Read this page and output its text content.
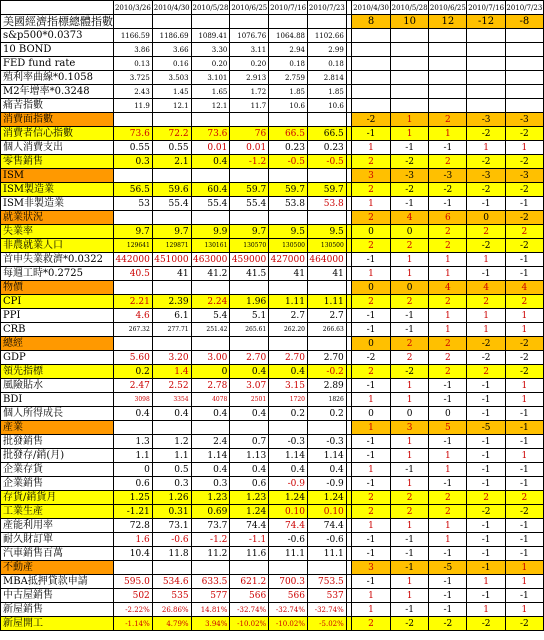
	2010/3/26	2010/4/30	2010/5/28	2010/6/25	2010/7/16	2010/7/23		2010/4/30	2010/5/28	2010/6/25	2010/7/16	2010/7/23
美國經濟指標總體指數								8	10	12	-12	-8
s&p500*0.0373	1166.59	1186.69	1089.41	1076.76	1064.88	1102.66						
10 BOND	3.86	3.66	3.30	3.11	2.94	2.99						
FED fund rate	0.13	0.16	0.20	0.20	0.18	0.18						
殖利率曲線*0.1058	3.725	3.503	3.101	2.913	2.759	2.814						
M2年增率*0.3248	2.43	1.45	1.65	1.72	1.85	1.85						
痛苦指數	11.9	12.1	12.1	11.7	10.6	10.6						
消費面指數								-2	1	2	-3	-3
消費者信心指數	73.6	72.2	73.6	76	66.5	66.5		-1	1	1	-2	-2
個人消費支出	0.55	0.55	0.01	0.01	0.23	0.23		1	-1	-1	1	1
零售銷售	0.3	2.1	0.4	-1.2	-0.5	-0.5		2	-2	2	-2	-2
ISM								3	-3	-3	-3	-3
ISM製造業	56.5	59.6	60.4	59.7	59.7	59.7		2	-2	-2	-2	-2
ISM非製造業	53	55.4	55.4	55.4	53.8	53.8		1	-1	-1	-1	-1
就業狀況								2	4	6	0	-2
失業率	9.7	9.7	9.9	9.7	9.5	9.5		0	0	2	2	2
非農就業人口	129641	129871	130161	130570	130500	130500		2	2	2	-2	-2
首申失業救濟*0.0322	442000	451000	463000	459000	427000	464000		-1	1	1	1	-1
每週工時*0.2725	40.5	41	41.2	41.5	41	41		1	1	1	-1	-1
物價								0	0	4	4	4
CPI	2.21	2.39	2.24	1.96	1.11	1.11		2	2	2	2	2
PPI	4.6	6.1	5.4	5.1	2.7	2.7		-1	-1	1	1	1
CRB	267.32	277.71	251.42	265.61	262.20	266.63		-1	-1	1	1	1
總經								0	2	2	-2	-2
GDP	5.60	3.20	3.00	2.70	2.70	2.70		-2	2	2	-2	-2
領先指標	0.2	1.4	0	0.4	0.4	-0.2		2	-2	2	2	-2
風險貼水	2.47	2.52	2.78	3.07	3.15	2.89		-1	1	-1	-1	1
BDI	3098	3354	4078	2501	1720	1826		1	1	-1	-1	1
個人所得成長	0.4	0.4	0.4	0.4	0.2	0.2		0	0	0	-1	-1
產業								1	3	5	-5	-1
批發銷售	1.3	1.2	2.4	0.7	-0.3	-0.3		-1	1	-1	-1	-1
批發存/銷(月)	1.1	1.1	1.14	1.13	1.14	1.14		-1	1	1	-1	1
企業存貨	0	0.5	0.4	0.4	0.4	0.4		1	-1	1	-1	-1
企業銷售	0.6	0.3	0.3	0.6	-0.9	-0.9		-1	1	-1	-1	-1
存貨/銷貨月	1.25	1.26	1.23	1.23	1.24	1.24		2	2	2	2	2
工業生產	-1.21	0.31	0.69	1.24	0.10	0.10		2	2	2	-2	-2
產能利用率	72.8	73.1	73.7	74.4	74.4	74.4		1	1	1	-1	-1
耐久財訂單	1.6	-0.6	-1.2	-1.1	-0.6	-0.6		-1	-1	1	-1	-1
汽車銷售百萬	10.4	11.8	11.2	11.6	11.1	11.1		-1	-1	-1	-1	-1
不動產								3	-1	-5	-1	1
MBA抵押貸款申請	595.0	534.6	633.5	621.2	700.3	753.5		-1	1	-1	1	1
中古屋銷售	502	535	577	566	566	537		1	1	-1	-1	-1
新屋銷售	-2.22%	26.86%	14.81%	-32.74%	-32.74%	-32.74%		1	-1	-1	1	1
新屋開工	-1.14%	4.79%	3.94%	-10.02%	-10.02%	-5.02%		2	-2	-2	-2	-2
